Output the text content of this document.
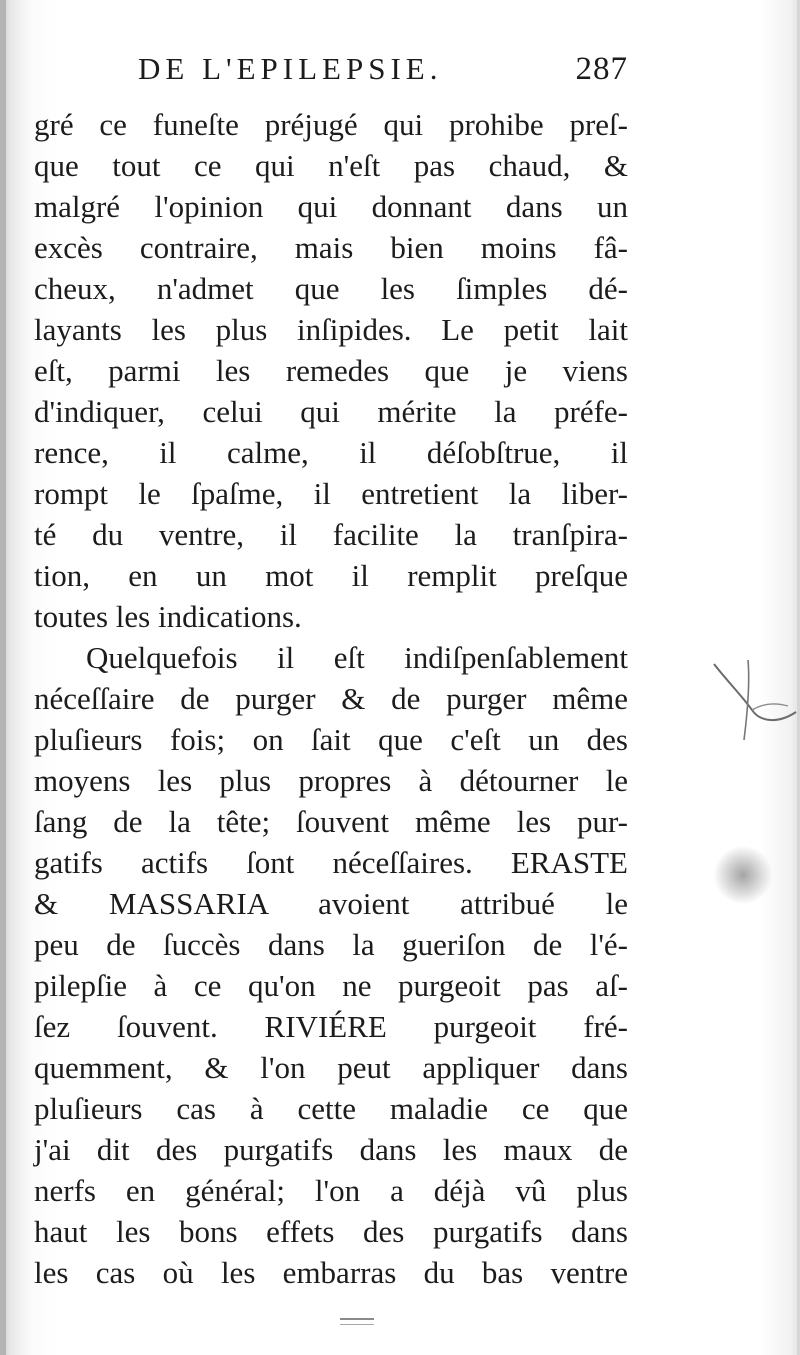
DE L'EPILEPSIE.	287
gré ce funeſte préjugé qui prohibe preſ-
que tout ce qui n'eſt pas chaud, &
malgré l'opinion qui donnant dans un
excès contraire, mais bien moins fâ-
cheux, n'admet que les ſimples dé-
layants les plus inſipides. Le petit lait
eſt, parmi les remedes que je viens
d'indiquer, celui qui mérite la préfe-
rence, il calme, il déſobſtrue, il
rompt le ſpaſme, il entretient la liber-
té du ventre, il facilite la tranſpira-
tion, en un mot il remplit preſque
toutes les indications.
Quelquefois il eſt indiſpenſablement
néceſſaire de purger & de purger même
pluſieurs fois; on ſait que c'eſt un des
moyens les plus propres à détourner le
ſang de la tête; ſouvent même les pur-
gatifs actifs ſont néceſſaires. ERASTE
& MASSARIA avoient attribué le
peu de ſuccès dans la gueriſon de l'é-
pilepſie à ce qu'on ne purgeoit pas aſ-
ſez ſouvent. RIVIÉRE purgeoit fré-
quemment, & l'on peut appliquer dans
pluſieurs cas à cette maladie ce que
j'ai dit des purgatifs dans les maux de
nerfs en général; l'on a déjà vû plus
haut les bons effets des purgatifs dans
les cas où les embarras du bas ventre
